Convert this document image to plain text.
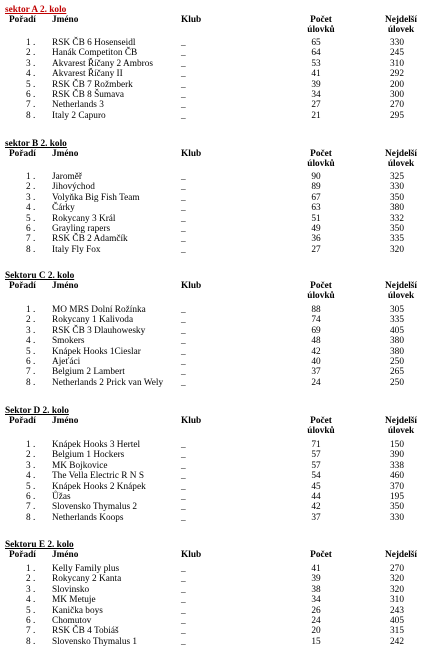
sektor A 2. kolo
Pořadí Jméno	Klub	Počet
úlovků
Nejdelší
úlovek
1 . RSK ČB 6 Hosenseidl	_	65	330
2 . Hanák Competiton ČB	_	64	245
3 . Akvarest Říčany 2 Ambros	_	53	310
4 . Akvarest Říčany II	_	41	292
5 . RSK ČB 7 Rožmberk	_	39	200
6 . RSK ČB 8 Šumava	_	34	300
7 . Netherlands 3	_	27	270
8 . Italy 2 Capuro	_	21	295
sektor B 2. kolo
Pořadí Jméno	Klub	Počet
úlovků
Nejdelší
úlovek
1 . Jaroměř	_	90	325
2 . Jihovýchod	_	89	330
3 . Volyňka Big Fish Team	_	67	350
4 . Čárky	_	63	380
5 . Rokycany 3 Král	_	51	332
6 . Grayling rapers	_	49	350
7 . RSK ČB 2 Adamčík	_	36	335
8 . Italy Fly Fox	_	27	320
Sektoru C 2. kolo
Pořadí Jméno	Klub	Počet
úlovků
Nejdelší
úlovek
1 . MO MRS Dolní Rožínka	_	88	305
2 . Rokycany 1 Kalivoda	_	74	335
3 . RSK ČB 3 Dlauhowesky	_	69	405
4 . Smokers	_	48	380
5 . Knápek Hooks 1Cieslar	_	42	380
6 . Ajeťáci	_	40	250
7 . Belgium 2 Lambert	_	37	265
8 . Netherlands 2 Prick van Wely _	24	250
Sektor D 2. kolo
Pořadí Jméno	Klub	Počet
úlovků
Nejdelší
úlovek
1 . Knápek Hooks 3 Hertel	_	71	150
2 . Belgium 1 Hockers	_	57	390
3 . MK Bojkovice	_	57	338
4 . The Vella Electric R N S	_	54	460
5 . Knápek Hooks 2 Knápek	_	45	370
6 . Ůžas	_	44	195
7 . Slovensko Thymalus 2	_	42	350
8 . Netherlands Koops	_	37	330
Sektoru E 2. kolo
Pořadí Jméno	Klub	Počet	Nejdelší
1 . Kelly Family plus	_	41	270
2 . Rokycany 2 Kanta	_	39	320
3 . Slovinsko	_	38	320
4 . MK Metuje	_	34	310
5 . Kanička boys	_	26	243
6 . Chomutov	_	24	405
7 . RSK ČB 4 Tobiáš	_	20	315
8 . Slovensko Thymalus 1	_	15	242
